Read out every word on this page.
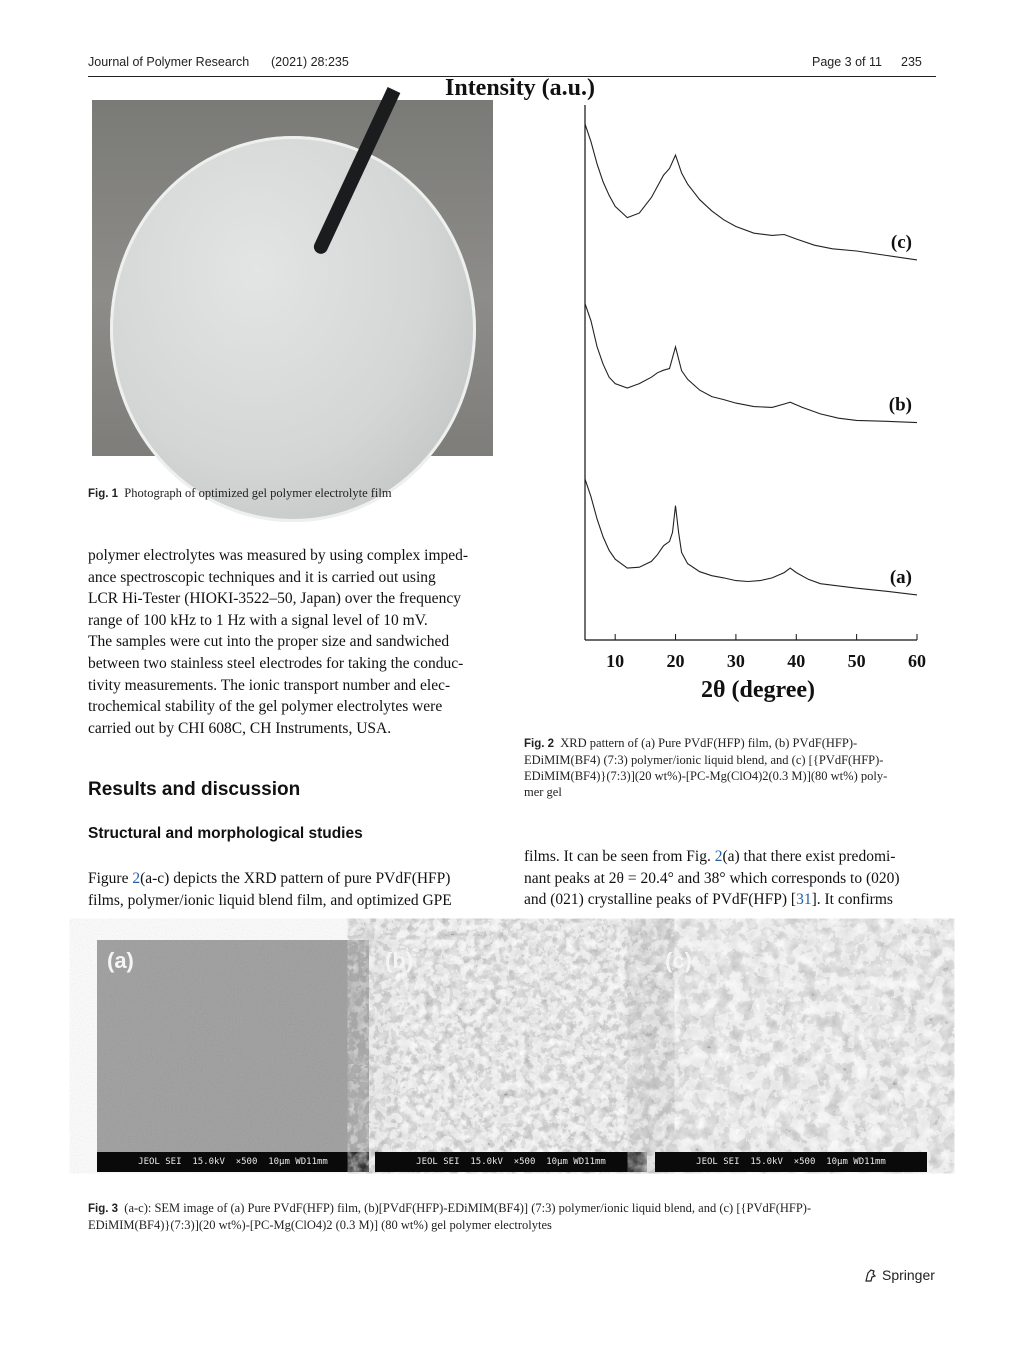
Journal of Polymer Research (2021) 28:235	Page 3 of 11 235
Fig. 1 Photograph of optimized gel polymer electrolyte film
polymer electrolytes was measured by using complex imped-
ance spectroscopic techniques and it is carried out using
LCR Hi-Tester (HIOKI-3522–50, Japan) over the frequency
range of 100 kHz to 1 Hz with a signal level of 10 mV.
The samples were cut into the proper size and sandwiched
between two stainless steel electrodes for taking the conduc-
tivity measurements. The ionic transport number and elec-
trochemical stability of the gel polymer electrolytes were
carried out by CHI 608C, CH Instruments, USA.
Results and discussion
Structural and morphological studies
Figure 2(a-c) depicts the XRD pattern of pure PVdF(HFP)
films, polymer/ionic liquid blend film, and optimized GPE
(c)
(b)
(a)
10 20 30 40 50 60
Intensity (a.u.)
2θ (degree)
Fig. 2 XRD pattern of (a) Pure PVdF(HFP) film, (b) PVdF(HFP)-
EDiMIM(BF4) (7:3) polymer/ionic liquid blend, and (c) [{PVdF(HFP)-
EDiMIM(BF4)}(7:3)](20 wt%)-[PC-Mg(ClO4)2(0.3 M)](80 wt%) poly-
mer gel
films. It can be seen from Fig. 2(a) that there exist predomi-
nant peaks at 2θ = 20.4° and 38° which corresponds to (020)
and (021) crystalline peaks of PVdF(HFP) [31]. It confirms
(a)
JEOL SEI  15.0kV  ×500  10μm WD11mm
(b)
JEOL SEI  15.0kV  ×500  10μm WD11mm
(c)
JEOL SEI  15.0kV  ×500  10μm WD11mm
Fig. 3 (a-c): SEM image of (a) Pure PVdF(HFP) film, (b)[PVdF(HFP)-EDiMIM(BF4)] (7:3) polymer/ionic liquid blend, and (c) [{PVdF(HFP)-
EDiMIM(BF4)}(7:3)](20 wt%)-[PC-Mg(ClO4)2 (0.3 M)] (80 wt%) gel polymer electrolytes
Springer
